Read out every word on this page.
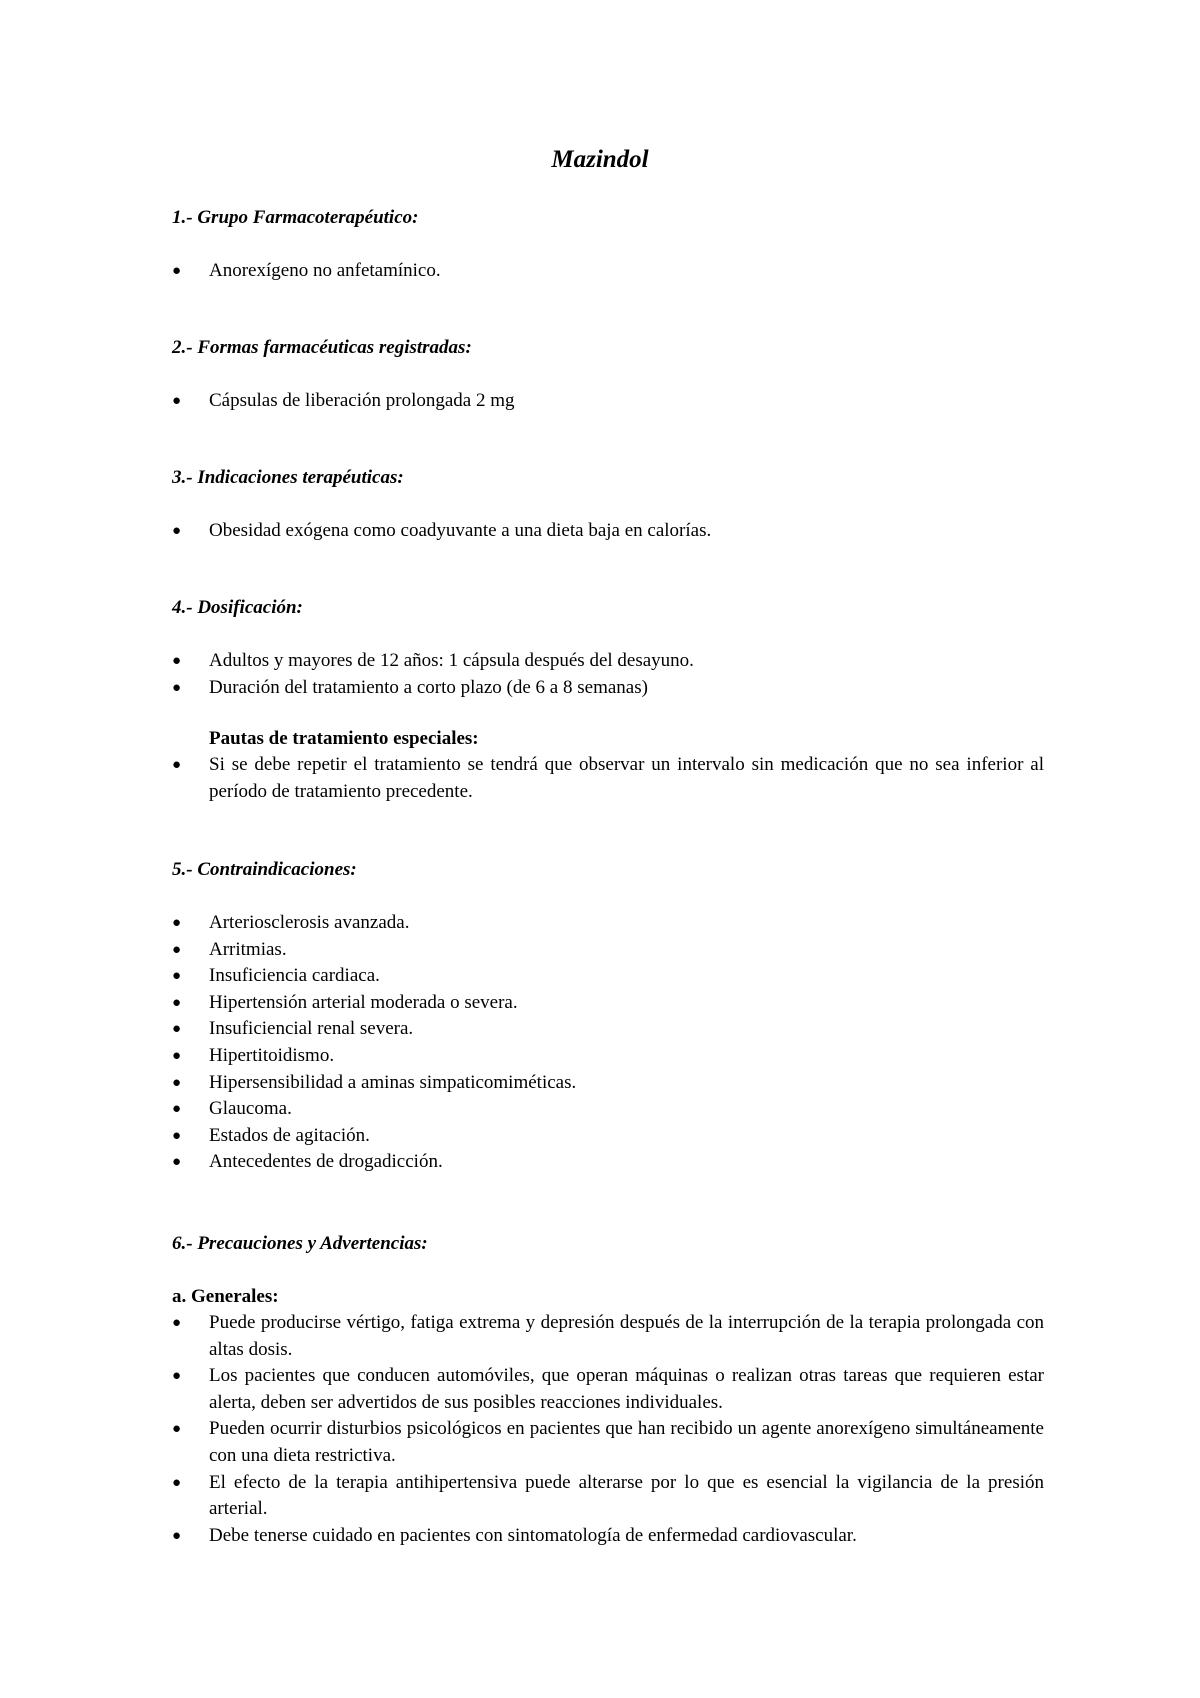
Mazindol
1.- Grupo Farmacoterapéutico:
●	Anorexígeno no anfetamínico.
2.- Formas farmacéuticas registradas:
●	Cápsulas de liberación prolongada 2 mg
3.- Indicaciones terapéuticas:
●	Obesidad exógena como coadyuvante a una dieta baja en calorías.
4.- Dosificación:
●	Adultos y mayores de 12 años: 1 cápsula después del desayuno.
●	Duración del tratamiento a corto plazo (de 6 a 8 semanas)
Pautas de tratamiento especiales:
●	Si se debe repetir el tratamiento se tendrá que observar un intervalo sin medicación que no sea inferior al período de tratamiento precedente.
5.- Contraindicaciones:
●	Arteriosclerosis avanzada.
●	Arritmias.
●	Insuficiencia cardiaca.
●	Hipertensión arterial moderada o severa.
●	Insuficiencial renal severa.
●	Hipertitoidismo.
●	Hipersensibilidad a aminas simpaticomiméticas.
●	Glaucoma.
●	Estados de agitación.
●	Antecedentes de drogadicción.
6.- Precauciones y Advertencias:
a. Generales:
●	Puede producirse vértigo, fatiga extrema y depresión después de la interrupción de la terapia prolongada con altas dosis.
●	Los pacientes que conducen automóviles, que operan máquinas o realizan otras tareas que requieren estar alerta, deben ser advertidos de sus posibles reacciones individuales.
●	Pueden ocurrir disturbios psicológicos en pacientes que han recibido un agente anorexígeno simultáneamente con una dieta restrictiva.
●	El efecto de la terapia antihipertensiva puede alterarse por lo que es esencial la vigilancia de la presión arterial.
●	Debe tenerse cuidado en pacientes con sintomatología de enfermedad cardiovascular.
